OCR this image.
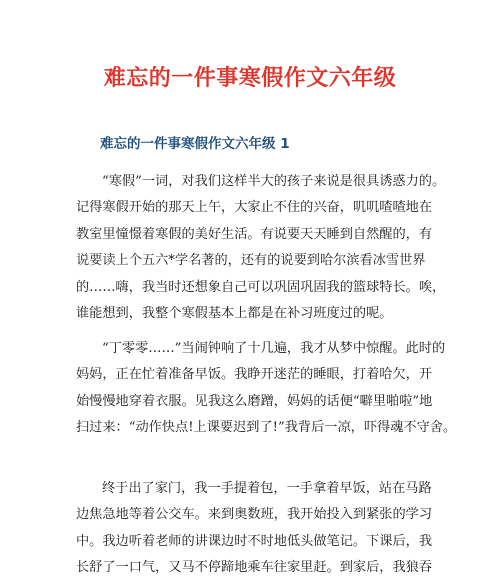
难忘的一件事寒假作文六年级
难忘的一件事寒假作文六年级 1
“寒假”一词，对我们这样半大的孩子来说是很具诱惑力的。
记得寒假开始的那天上午，大家止不住的兴奋，叽叽喳喳地在
教室里憧憬着寒假的美好生活。有说要天天睡到自然醒的，有
说要读上个五六*学名著的，还有的说要到哈尔滨看冰雪世界
的……嗨，我当时还想象自己可以巩固巩固我的篮球特长。唉，
谁能想到，我整个寒假基本上都是在补习班度过的呢。
“丁零零……”当闹钟响了十几遍，我才从梦中惊醒。此时的
妈妈，正在忙着准备早饭。我睁开迷茫的睡眼，打着哈欠，开
始慢慢地穿着衣服。见我这么磨蹭，妈妈的话便“噼里啪啦”地
扫过来：“动作快点!上课要迟到了!”我背后一凉，吓得魂不守舍。
终于出了家门，我一手提着包，一手拿着早饭，站在马路
边焦急地等着公交车。来到奥数班，我开始投入到紧张的学习
中。我边听着老师的讲课边时不时地低头做笔记。下课后，我
长舒了一口气，又马不停蹄地乘车往家里赶。到家后，我狼吞
